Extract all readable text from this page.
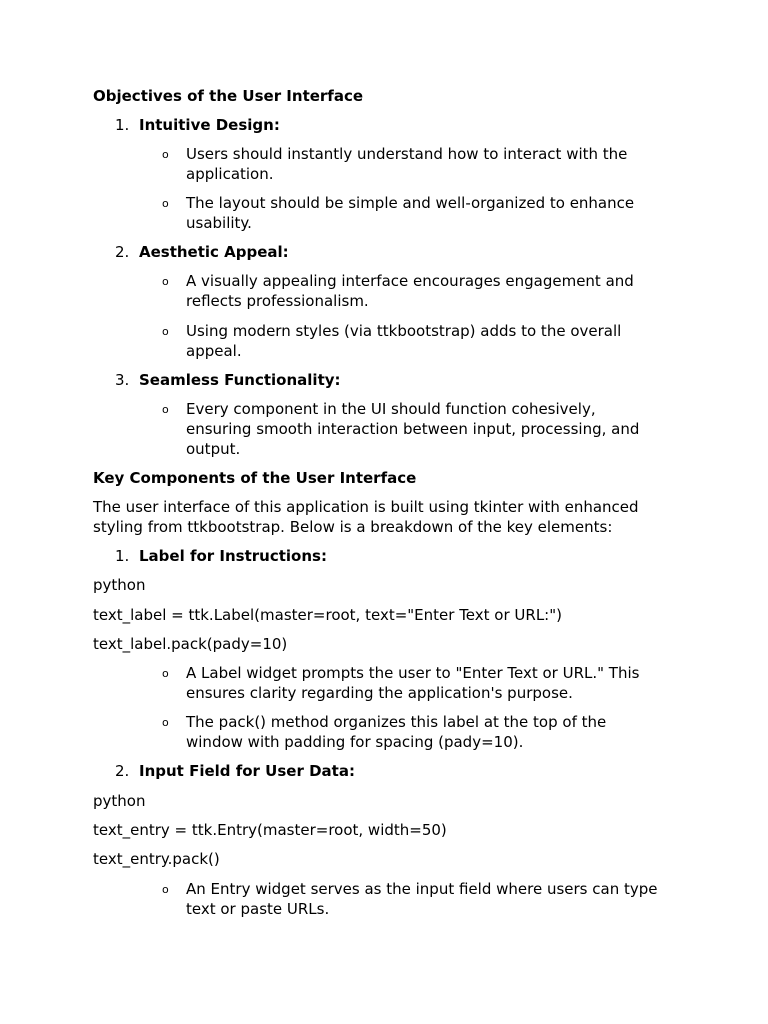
Objectives of the User Interface
1. Intuitive Design:
o Users should instantly understand how to interact with the
application.
o The layout should be simple and well-organized to enhance
usability.
2. Aesthetic Appeal:
o A visually appealing interface encourages engagement and
reflects professionalism.
o Using modern styles (via ttkbootstrap) adds to the overall
appeal.
3. Seamless Functionality:
o Every component in the UI should function cohesively,
ensuring smooth interaction between input, processing, and
output.
Key Components of the User Interface
The user interface of this application is built using tkinter with enhanced
styling from ttkbootstrap. Below is a breakdown of the key elements:
1. Label for Instructions:
python
text_label = ttk.Label(master=root, text="Enter Text or URL:")
text_label.pack(pady=10)
o A Label widget prompts the user to "Enter Text or URL." This
ensures clarity regarding the application's purpose.
o The pack() method organizes this label at the top of the
window with padding for spacing (pady=10).
2. Input Field for User Data:
python
text_entry = ttk.Entry(master=root, width=50)
text_entry.pack()
o An Entry widget serves as the input field where users can type
text or paste URLs.
